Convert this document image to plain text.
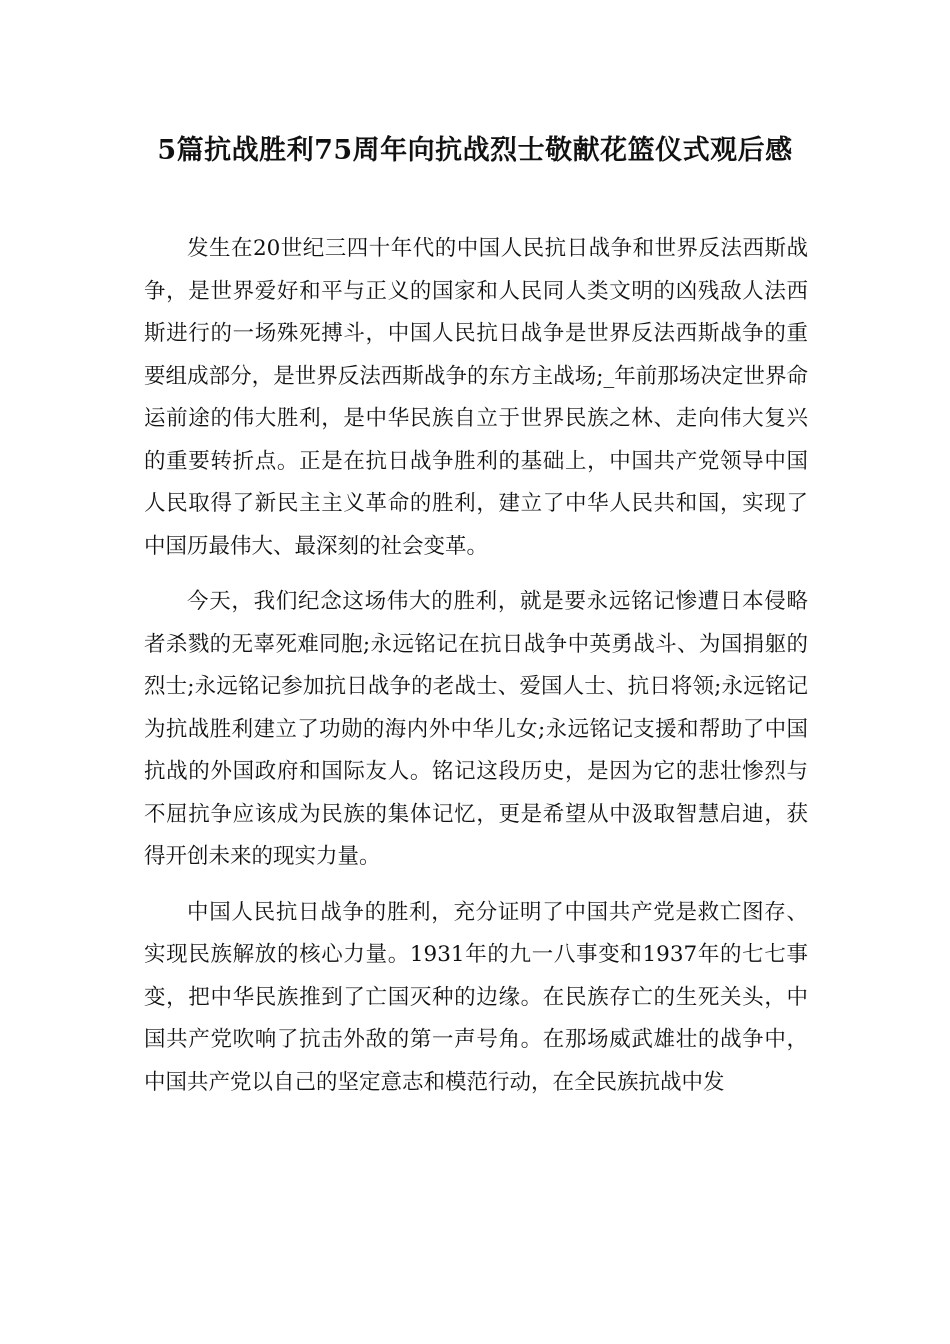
5篇抗战胜利75周年向抗战烈士敬献花篮仪式观后感

发生在20世纪三四十年代的中国人民抗日战争和世界反法西斯战争，是世界爱好和平与正义的国家和人民同人类文明的凶残敌人法西斯进行的一场殊死搏斗，中国人民抗日战争是世界反法西斯战争的重要组成部分，是世界反法西斯战争的东方主战场;_年前那场决定世界命运前途的伟大胜利，是中华民族自立于世界民族之林、走向伟大复兴的重要转折点。正是在抗日战争胜利的基础上，中国共产党领导中国人民取得了新民主主义革命的胜利，建立了中华人民共和国，实现了中国历最伟大、最深刻的社会变革。

今天，我们纪念这场伟大的胜利，就是要永远铭记惨遭日本侵略者杀戮的无辜死难同胞;永远铭记在抗日战争中英勇战斗、为国捐躯的烈士;永远铭记参加抗日战争的老战士、爱国人士、抗日将领;永远铭记为抗战胜利建立了功勋的海内外中华儿女;永远铭记支援和帮助了中国抗战的外国政府和国际友人。铭记这段历史，是因为它的悲壮惨烈与不屈抗争应该成为民族的集体记忆，更是希望从中汲取智慧启迪，获得开创未来的现实力量。

中国人民抗日战争的胜利，充分证明了中国共产党是救亡图存、实现民族解放的核心力量。1931年的九一八事变和1937年的七七事变，把中华民族推到了亡国灭种的边缘。在民族存亡的生死关头，中国共产党吹响了抗击外敌的第一声号角。在那场威武雄壮的战争中，中国共产党以自己的坚定意志和模范行动，在全民族抗战中发
